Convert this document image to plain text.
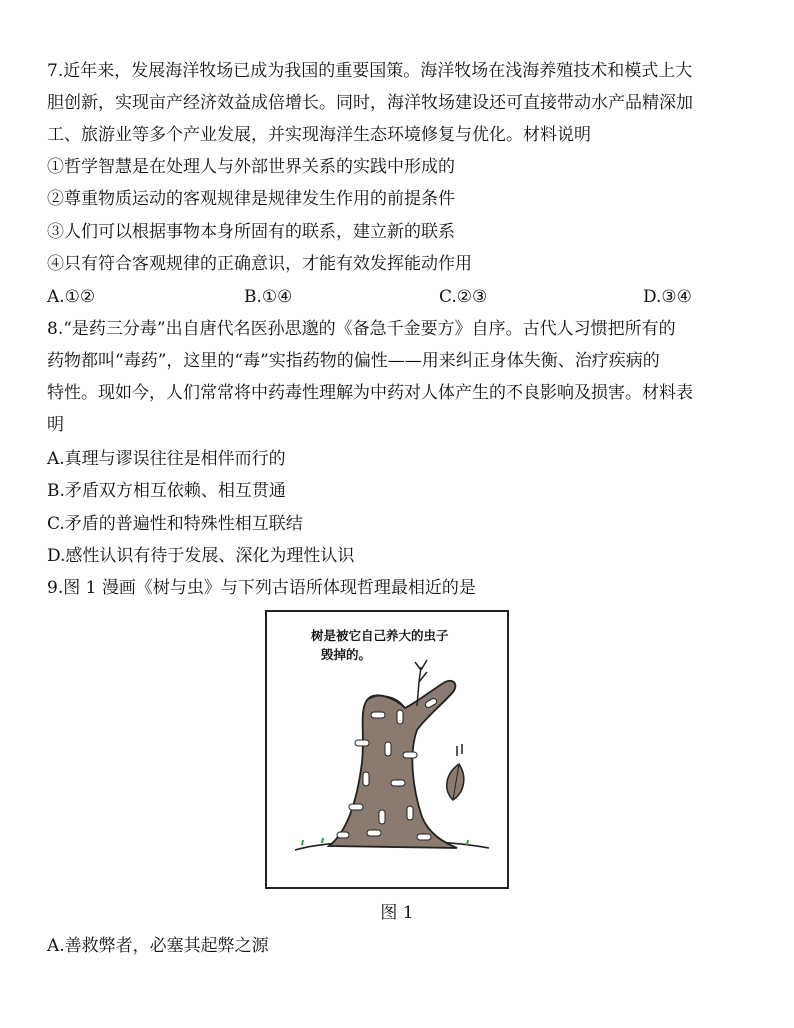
7.近年来，发展海洋牧场已成为我国的重要国策。海洋牧场在浅海养殖技术和模式上大
胆创新，实现亩产经济效益成倍增长。同时，海洋牧场建设还可直接带动水产品精深加
工、旅游业等多个产业发展，并实现海洋生态环境修复与优化。材料说明
①哲学智慧是在处理人与外部世界关系的实践中形成的
②尊重物质运动的客观规律是规律发生作用的前提条件
③人们可以根据事物本身所固有的联系，建立新的联系
④只有符合客观规律的正确意识，才能有效发挥能动作用
A.①②	B.①④	C.②③	D.③④
8.“是药三分毒”出自唐代名医孙思邈的《备急千金要方》自序。古代人习惯把所有的
药物都叫“毒药”，这里的“毒”实指药物的偏性——用来纠正身体失衡、治疗疾病的
特性。现如今，人们常常将中药毒性理解为中药对人体产生的不良影响及损害。材料表
明
A.真理与谬误往往是相伴而行的
B.矛盾双方相互依赖、相互贯通
C.矛盾的普遍性和特殊性相互联结
D.感性认识有待于发展、深化为理性认识
9.图 1 漫画《树与虫》与下列古语所体现哲理最相近的是
树是被它自己养大的虫子
毁掉的。
图 1
A.善救弊者，必塞其起弊之源
